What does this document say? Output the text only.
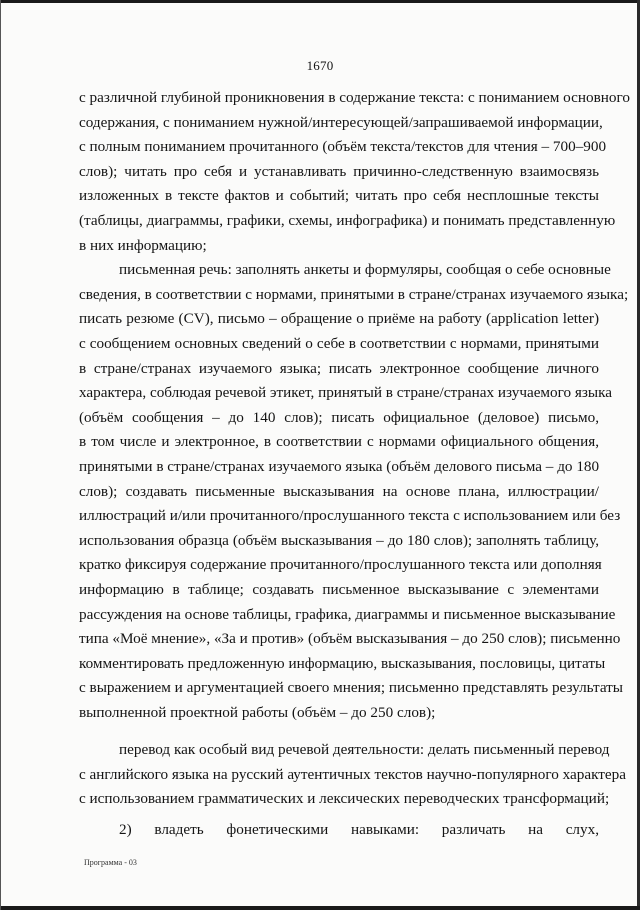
1670
с различной глубиной проникновения в содержание текста: с пониманием основного
содержания, с пониманием нужной/интересующей/запрашиваемой информации,
с полным пониманием прочитанного (объём текста/текстов для чтения – 700–900
слов); читать про себя и устанавливать причинно-следственную взаимосвязь
изложенных в тексте фактов и событий; читать про себя несплошные тексты
(таблицы, диаграммы, графики, схемы, инфографика) и понимать представленную
в них информацию;
письменная речь: заполнять анкеты и формуляры, сообщая о себе основные
сведения, в соответствии с нормами, принятыми в стране/странах изучаемого языка;
писать резюме (CV), письмо – обращение о приёме на работу (application letter)
с сообщением основных сведений о себе в соответствии с нормами, принятыми
в стране/странах изучаемого языка; писать электронное сообщение личного
характера, соблюдая речевой этикет, принятый в стране/странах изучаемого языка
(объём сообщения – до 140 слов); писать официальное (деловое) письмо,
в том числе и электронное, в соответствии с нормами официального общения,
принятыми в стране/странах изучаемого языка (объём делового письма – до 180
слов); создавать письменные высказывания на основе плана, иллюстрации/
иллюстраций и/или прочитанного/прослушанного текста с использованием или без
использования образца (объём высказывания – до 180 слов); заполнять таблицу,
кратко фиксируя содержание прочитанного/прослушанного текста или дополняя
информацию в таблице; создавать письменное высказывание с элементами
рассуждения на основе таблицы, графика, диаграммы и письменное высказывание
типа «Моё мнение», «За и против» (объём высказывания – до 250 слов); письменно
комментировать предложенную информацию, высказывания, пословицы, цитаты
с выражением и аргументацией своего мнения; письменно представлять результаты
выполненной проектной работы (объём – до 250 слов);
перевод как особый вид речевой деятельности: делать письменный перевод
с английского языка на русский аутентичных текстов научно-популярного характера
с использованием грамматических и лексических переводческих трансформаций;
2) владеть фонетическими навыками: различать на слух,
Программа - 03
